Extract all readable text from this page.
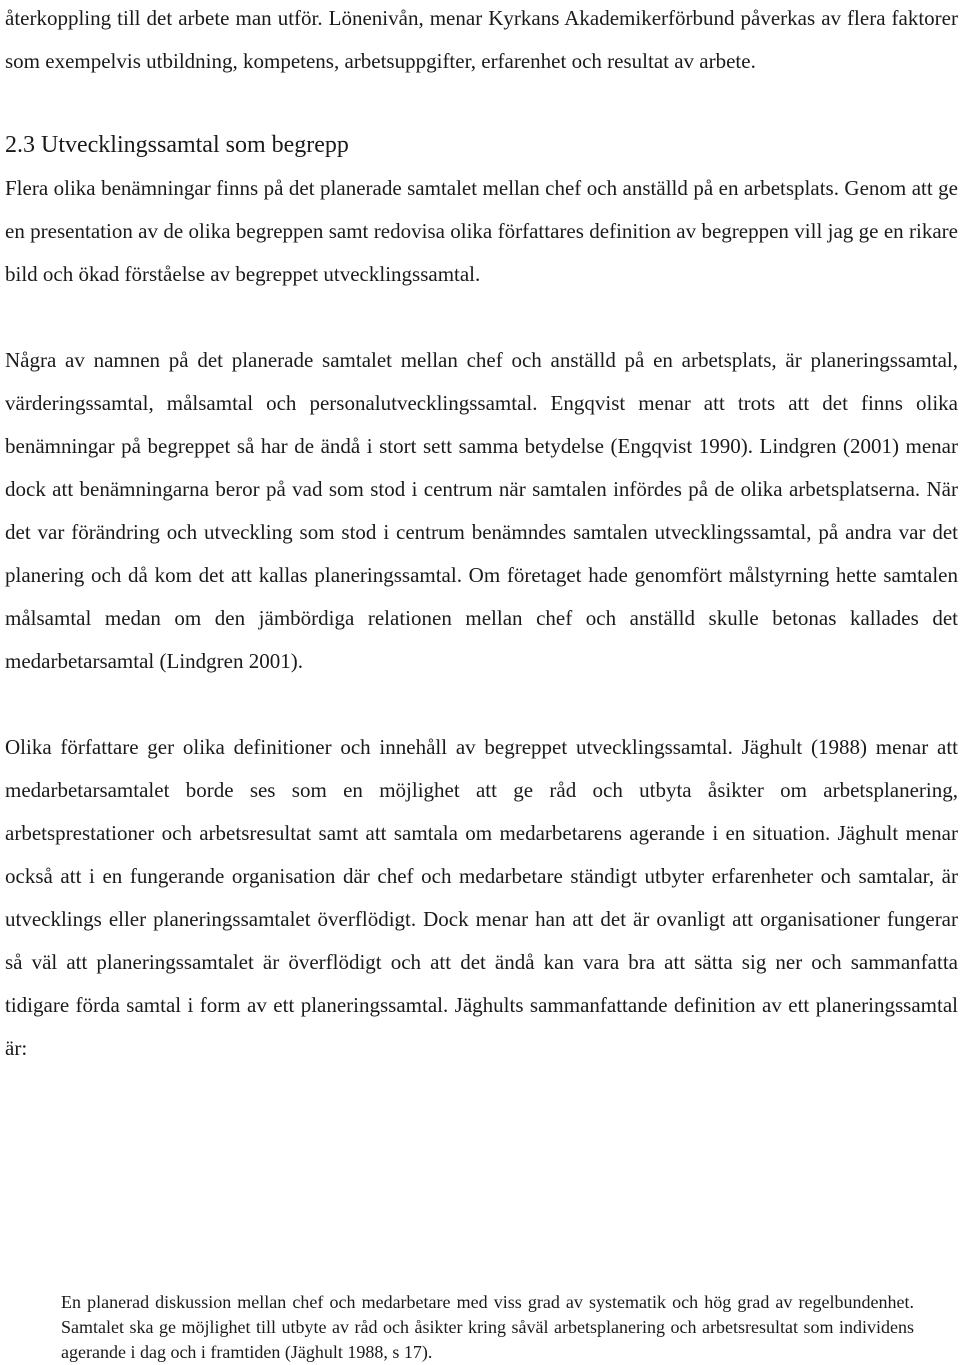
återkoppling till det arbete man utför. Lönenivån, menar Kyrkans Akademikerförbund påverkas av flera faktorer som exempelvis utbildning, kompetens, arbetsuppgifter, erfarenhet och resultat av arbete.

2.3 Utvecklingssamtal som begrepp

Flera olika benämningar finns på det planerade samtalet mellan chef och anställd på en arbetsplats. Genom att ge en presentation av de olika begreppen samt redovisa olika författares definition av begreppen vill jag ge en rikare bild och ökad förståelse av begreppet utvecklingssamtal.

Några av namnen på det planerade samtalet mellan chef och anställd på en arbetsplats, är planeringssamtal, värderingssamtal, målsamtal och personalutvecklingssamtal. Engqvist menar att trots att det finns olika benämningar på begreppet så har de ändå i stort sett samma betydelse (Engqvist 1990). Lindgren (2001) menar dock att benämningarna beror på vad som stod i centrum när samtalen infördes på de olika arbetsplatserna. När det var förändring och utveckling som stod i centrum benämndes samtalen utvecklingssamtal, på andra var det planering och då kom det att kallas planeringssamtal. Om företaget hade genomfört målstyrning hette samtalen målsamtal medan om den jämbördiga relationen mellan chef och anställd skulle betonas kallades det medarbetarsamtal (Lindgren 2001).

Olika författare ger olika definitioner och innehåll av begreppet utvecklingssamtal. Jäghult (1988) menar att medarbetarsamtalet borde ses som en möjlighet att ge råd och utbyta åsikter om arbetsplanering, arbetsprestationer och arbetsresultat samt att samtala om medarbetarens agerande i en situation. Jäghult menar också att i en fungerande organisation där chef och medarbetare ständigt utbyter erfarenheter och samtalar, är utvecklings eller planeringssamtalet överflödigt. Dock menar han att det är ovanligt att organisationer fungerar så väl att planeringssamtalet är överflödigt och att det ändå kan vara bra att sätta sig ner och sammanfatta tidigare förda samtal i form av ett planeringssamtal. Jäghults sammanfattande definition av ett planeringssamtal är:

En planerad diskussion mellan chef och medarbetare med viss grad av systematik och hög grad av regelbundenhet. Samtalet ska ge möjlighet till utbyte av råd och åsikter kring såväl arbetsplanering och arbetsresultat som individens agerande i dag och i framtiden (Jäghult 1988, s 17).
